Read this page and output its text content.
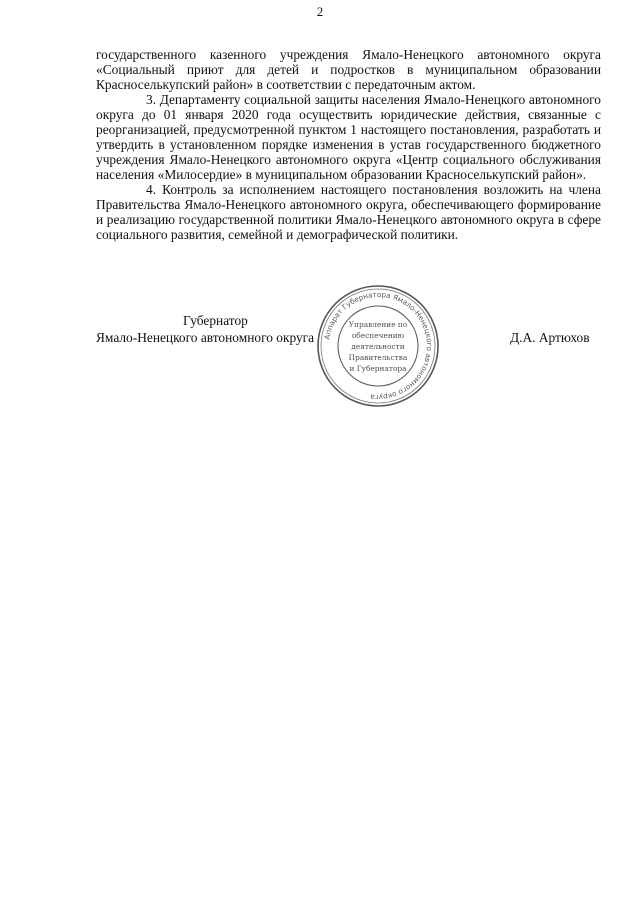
2

государственного казенного учреждения Ямало-Ненецкого автономного округа «Социальный приют для детей и подростков в муниципальном образовании Красноселькупский район» в соответствии с передаточным актом.

3. Департаменту социальной защиты населения Ямало-Ненецкого автономного округа до 01 января 2020 года осуществить юридические действия, связанные с реорганизацией, предусмотренной пунктом 1 настоящего постановления, разработать и утвердить в установленном порядке изменения в устав государственного бюджетного учреждения Ямало-Ненецкого автономного округа «Центр социального обслуживания населения «Милосердие» в муниципальном образовании Красноселькупский район».

4. Контроль за исполнением настоящего постановления возложить на члена Правительства Ямало-Ненецкого автономного округа, обеспечивающего формирование и реализацию государственной политики Ямало-Ненецкого автономного округа в сфере социального развития, семейной и демографической политики.

Губернатор
Ямало-Ненецкого автономного округа	Д.А. Артюхов
Аппарат Губернатора Ямало-Ненецкого автономного округа
Управление по
обеспечению
деятельности
Правительства
и Губернатора
